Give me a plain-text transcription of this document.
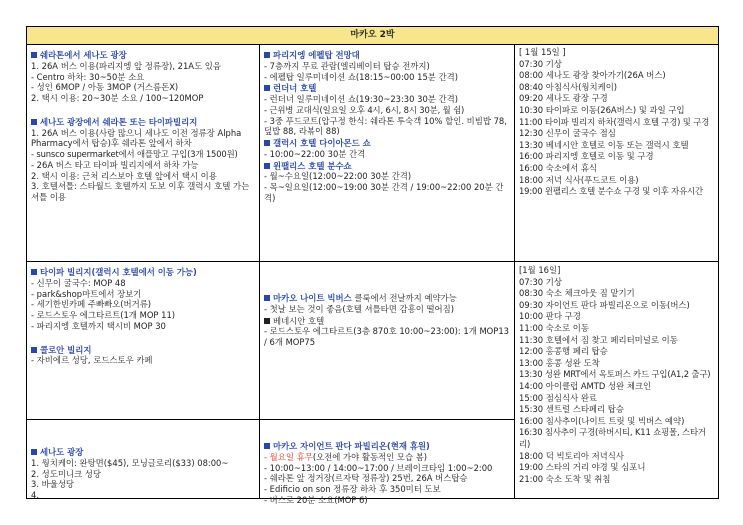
마카오 2박
쉐라톤에서 세나도 광장
1. 26A 버스 이용(파리지엥 앞 정류장), 21A도 있음
- Centro 하차: 30~50분 소요
- 성인 6MOP / 아동 3MOP (거스름돈X)
2. 택시 이용: 20~30분 소요 / 100~120MOP
세나도 광장에서 쉐라톤 또는 타이파빌리지
1. 26A 버스 이용(사람 많으니 세나도 이전 정류장 Alpha Pharmacy에서 탑승)후 쉐라톤 앞에서 하차
- sunsco supermarket에서 애플망고 구입(3개 1500원)
- 26A 버스 타고 타이파 빌리지에서 하차 가능
2. 택시 이용: 근처 리스보아 호텔 앞에서 택시 이용
3. 호텔셔틀: 스타월드 호텔까지 도보 이후 갤럭시 호텔 가는 셔틀 이용
타이파 빌리지(갤럭시 호텔에서 이동 가능)
- 신무이 굴국수: MOP 48
- park&shop마트에서 장보기
- 세기한빈카페 주빠빠오(버거류)
- 로드스토우 에그타르트(1개 MOP 11)
- 파리지엥 호텔까지 택시비 MOP 30
콜로안 빌리지
- 자비에르 성당, 로드스토우 카페
세나도 광장
1. 웡치케이: 완탕면($45), 모닝글로리($33) 08:00~
2. 성도미니크 성당
3. 바울성당
4.
파리지엥 에펠탑 전망대
- 7층까지 무료 관람(엘리베이터 탑승 전까지)
- 에펠탑 일루미네이션 쇼(18:15~00:00 15분 간격)
런더너 호텔
- 런더너 일루미네이션 쇼(19:30~23:30 30분 간격)
- 근위병 교대식(일요일 오후 4시, 6시, 8시 30분, 월 쉼)
- 3중 푸드코트(압구정 한식: 쉐라톤 투숙객 10% 할인. 비빔밥 78, 덮밥 88, 라볶이 88)
갤럭시 호텔 다이아몬드 쇼
- 10:00~22:00 30분 간격
윈팰리스 호텔 분수쇼
- 월~수요일(12:00~22:00 30분 간격)
- 목~일요일(12:00~19:00 30분 간격 / 19:00~22:00 20분 간격)
마카오 나이트 빅버스 클룩에서 전날까지 예약가능
- 첫날 보는 것이 좋음(호텔 셔틀타면 감흥이 떨어짐)
베네시안 호텔
- 로드스토우 에그타르트(3층 870호 10:00~23:00): 1개 MOP13 / 6개 MOP75
마카오 자이언트 판다 파빌리온(현재 휴원)
- 월요일 휴무(오전에 가야 활동적인 모습 봄)
- 10:00~13:00 / 14:00~17:00 / 브레이크타임 1:00~2:00
- 쉐라톤 앞 정거장(르자탁 정류장) 25번, 26A 버스탑승
- Edificio on son 정류장 하차 후 350미터 도보
- 버스로 20분 소요(MOP 6)
[ 1월 15일 ]
07:30 기상
08:00 세나도 광장 찾아가기(26A 버스)
08:40 아침식사(웡치케이)
09:20 세나도 광장 구경
10:30 타이파로 이동(26A버스) 및 과일 구입
11:00 타이파 빌리지 하차(갤럭시 호텔 구경) 및 구경
12:30 신무이 굴국수 점심
13:30 베네시안 호텔로 이동 또는 갤럭시 호텔
16:00 파리지엥 호텔로 이동 및 구경
16:00 숙소에서 휴식
18:00 저녁 식사(푸드코트 이용)
19:00 윈팰리스 호텔 분수쇼 구경 및 이후 자유시간
[1월 16일]
07:30 기상
08:30 숙소 체크아웃 짐 맡기기
09:30 자이언트 판다 파빌리온으로 이동(버스)
10:00 판다 구경
11:00 숙소로 이동
11:30 호텔에서 짐 찾고 페리터미널로 이동
12:00 홍콩행 페리 탑승
13:00 홍콩 성완 도착
13:30 성완 MRT에서 옥토퍼스 카드 구입(A1,2 출구)
14:00 아이클럽 AMTD 성완 체크인
15:00 점심식사 완료
15:30 센트럴 스타페리 탑승
16:00 침사추이(나이트 트릿 및 빅버스 예약)
16:30 침사추이 구경(하버시티, K11 쇼핑몰, 스타거리)
18:00 덕 빅토리아 저녁식사
19:00 스타의 거리 야경 및 심포니
21:00 숙소 도착 및 취침
